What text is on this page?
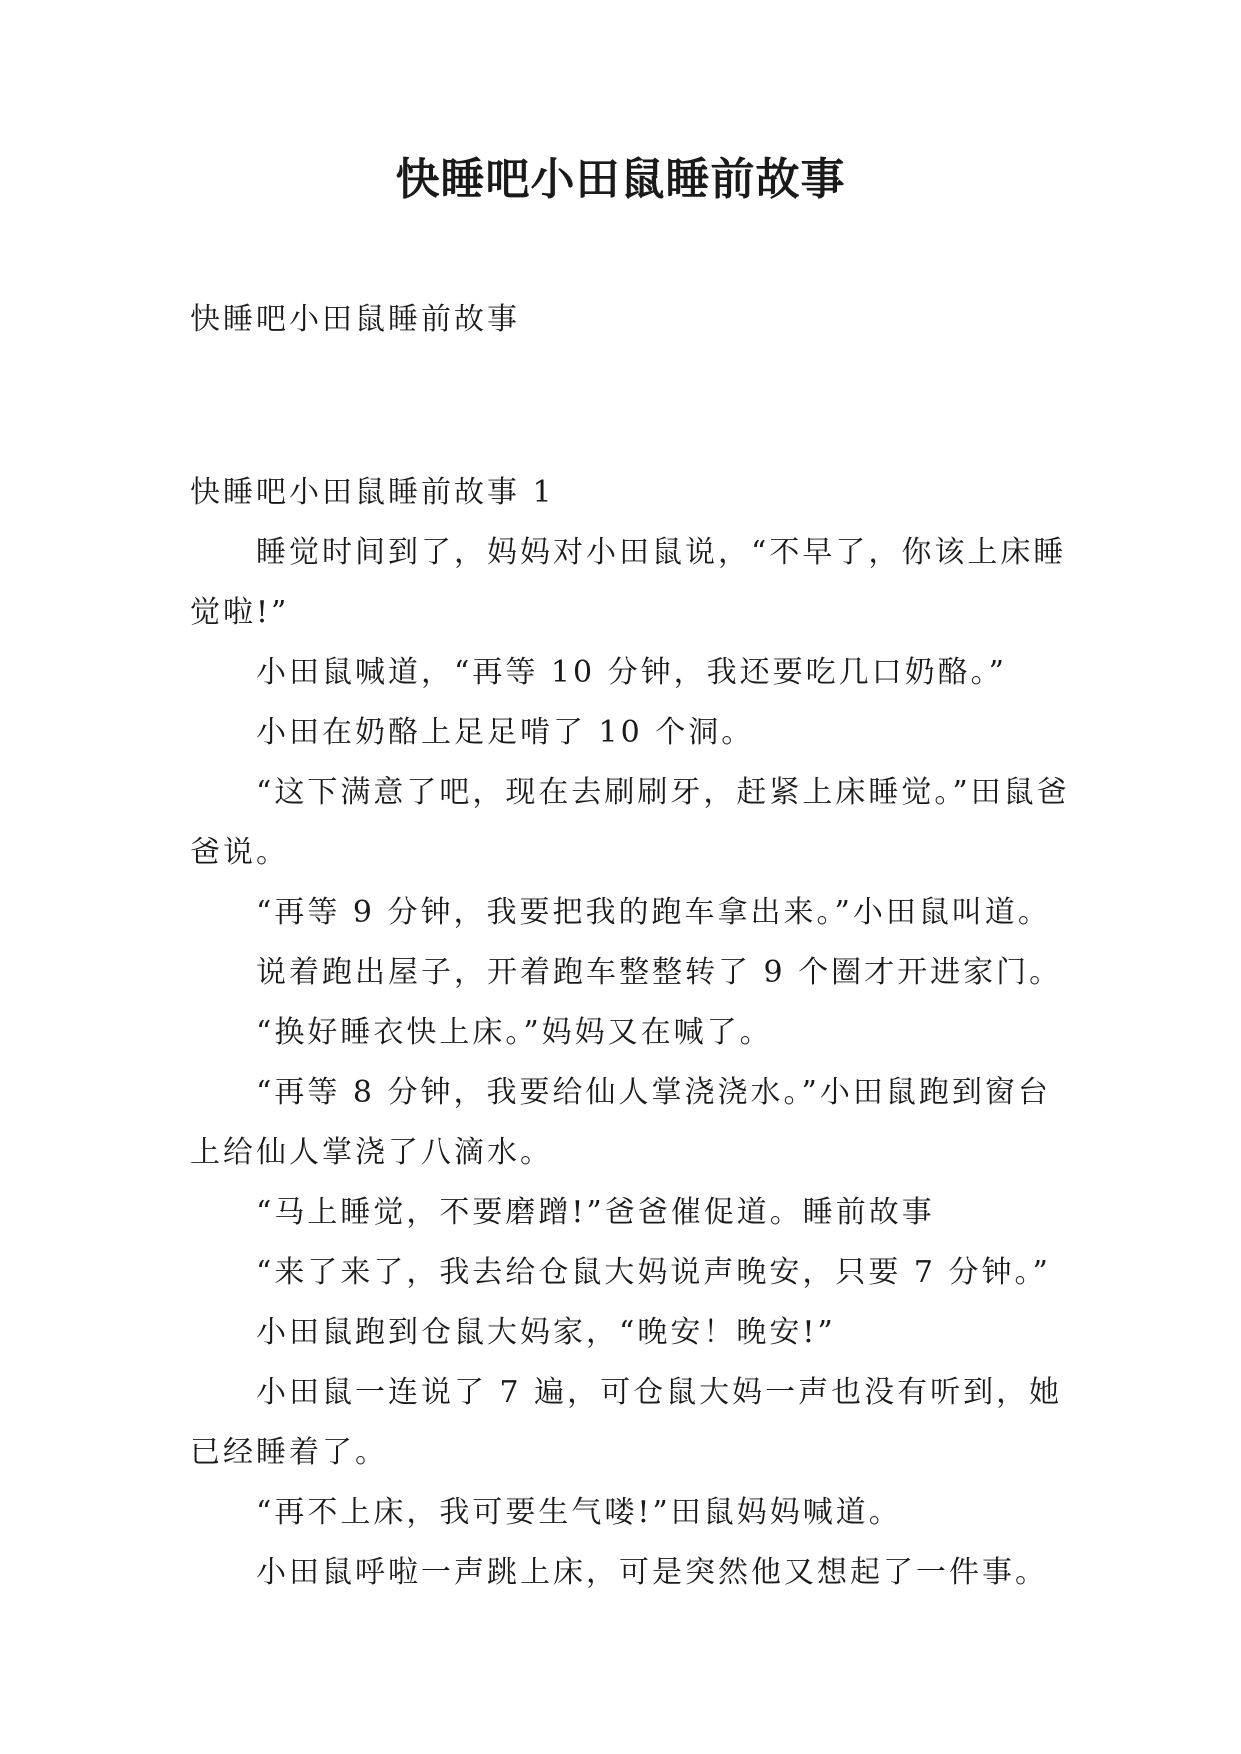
快睡吧小田鼠睡前故事

快睡吧小田鼠睡前故事

快睡吧小田鼠睡前故事 1

睡觉时间到了，妈妈对小田鼠说，“不早了，你该上床睡觉啦!”

小田鼠喊道，“再等 10 分钟，我还要吃几口奶酪。”

小田在奶酪上足足啃了 10 个洞。

“这下满意了吧，现在去刷刷牙，赶紧上床睡觉。”田鼠爸爸说。

“再等 9 分钟，我要把我的跑车拿出来。”小田鼠叫道。

说着跑出屋子，开着跑车整整转了 9 个圈才开进家门。

“换好睡衣快上床。”妈妈又在喊了。

“再等 8 分钟，我要给仙人掌浇浇水。”小田鼠跑到窗台上给仙人掌浇了八滴水。

“马上睡觉，不要磨蹭!”爸爸催促道。睡前故事

“来了来了，我去给仓鼠大妈说声晚安，只要 7 分钟。”

小田鼠跑到仓鼠大妈家，“晚安！晚安!”

小田鼠一连说了 7 遍，可仓鼠大妈一声也没有听到，她已经睡着了。

“再不上床，我可要生气喽!”田鼠妈妈喊道。

小田鼠呼啦一声跳上床，可是突然他又想起了一件事。
